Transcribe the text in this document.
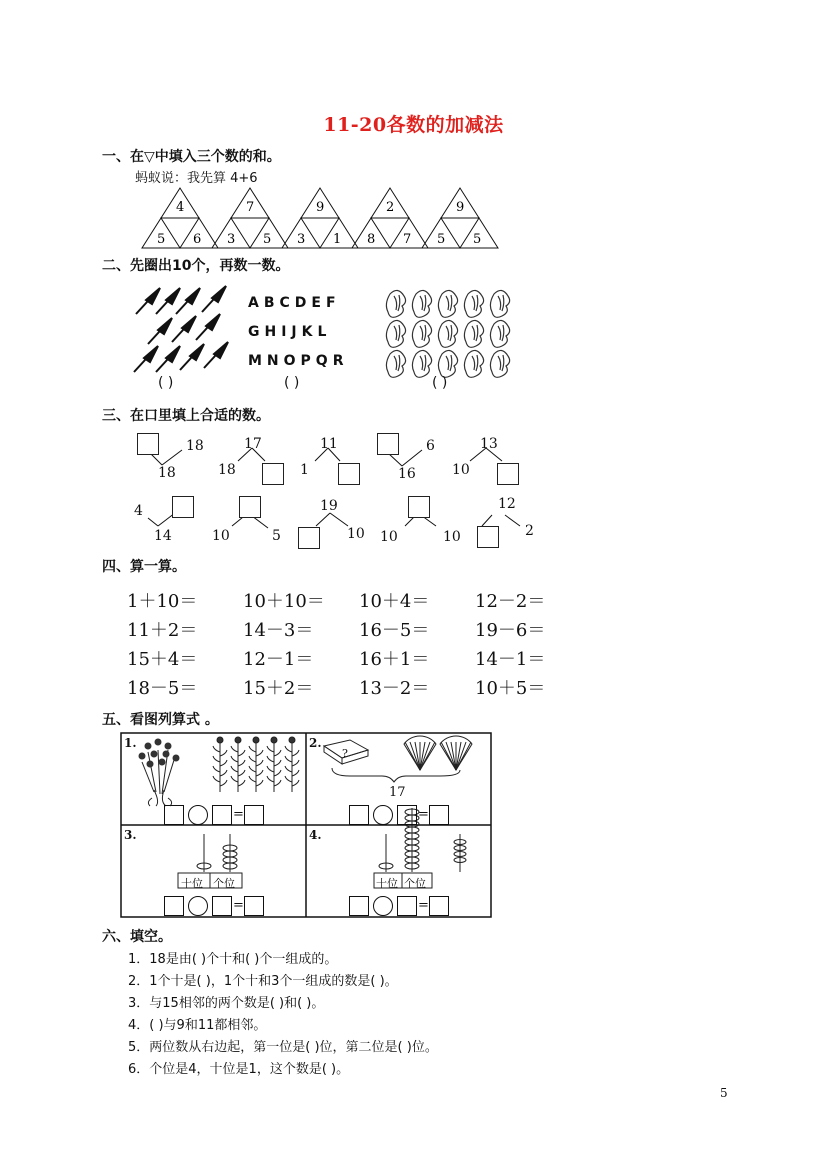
11-20各数的加减法
一、在▽中填入三个数的和。
蚂蚁说：我先算 4+6
4
5 6
7
3 5
9
3 1
2
8 7
9
5 5
二、先圈出10个，再数一数。
ABCDEF
GHIJKL
MNOPQR
( )	( )	( )
三、在口里填上合适的数。
18
18
17
18
11
1
6
16
13
10
4
14	10	5
19
10 10	10
12
2
四、算一算。
1＋10＝	10＋10＝	10＋4＝	12－2＝
11＋2＝	14－3＝	16－5＝	19－6＝
15＋4＝	12－1＝	16＋1＝	14－1＝
18－5＝	15＋2＝	13－2＝	10＋5＝
五、看图列算式 。
1.	2.
3.	4.
?
17
十位 个位	十位 个位
=	=
=	=
六、填空。
1．18是由( )个十和( )个一组成的。
2．1个十是( )，1个十和3个一组成的数是( )。
3．与15相邻的两个数是( )和( )。
4．( )与9和11都相邻。
5．两位数从右边起，第一位是( )位，第二位是( )位。
6．个位是4，十位是1，这个数是( )。
5
